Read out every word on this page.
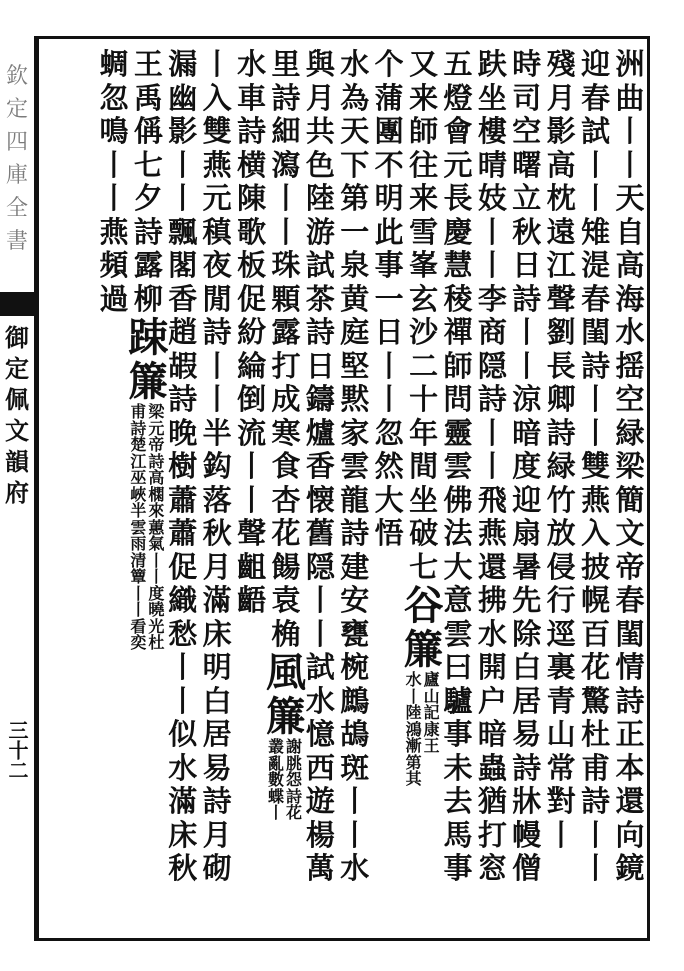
欽
定
四
庫
全
書
御
定
佩
文
韻
府
三十二
洲
曲
丨
丨
天
自
高
海
水
揺
空
緑
梁
簡
文
帝
春
閨
情
詩
正
本
還
向
鏡
迎
春
試
丨
丨
雉
湜
春
閨
詩
丨
丨
雙
燕
入
披
幌
百
花
驚
杜
甫
詩
丨
丨
殘
月
影
高
枕
遠
江
聲
劉
長
卿
詩
緑
竹
放
侵
行
逕
裏
青
山
常
對
丨
時
司
空
曙
立
秋
日
詩
丨
丨
涼
暗
度
迎
扇
暑
先
除
白
居
易
詩
牀
幔
僧
趺
坐
樓
晴
妓
丨
丨
李
商
隠
詩
丨
丨
飛
燕
還
拂
水
開
户
暗
蟲
猶
打
窓
五
燈
會
元
長
慶
慧
稜
禪
師
問
靈
雲
佛
法
大
意
雲
曰
驢
事
未
去
馬
事
又
来
師
往
来
雪
峯
玄
沙
二
十
年
間
坐
破
七
谷
簾
廬
山
記
康
王
水
丨
陸
鴻
漸
第
其
个
蒲
團
不
明
此
事
一
日
丨
丨
忽
然
大
悟
水
為
天
下
第
一
泉
黄
庭
堅
黙
家
雲
龍
詩
建
安
甕
椀
鷓
鴣
斑
丨
丨
水
與
月
共
色
陸
游
試
茶
詩
日
鑄
爐
香
懐
舊
隠
丨
丨
試
水
憶
西
遊
楊
萬
里
詩
細
瀉
丨
丨
珠
顆
露
打
成
寒
食
杏
花
餳
袁
桷
風
簾
謝
朓
怨
詩
花
叢
亂
數
蝶
丨
水
車
詩
横
陳
歌
板
促
紛
綸
倒
流
丨
丨
聲
齟
齬
丨
入
雙
燕
元
稹
夜
閒
詩
丨
丨
半
鈎
落
秋
月
滿
床
明
白
居
易
詩
月
砌
漏
幽
影
丨
丨
飄
閣
香
趙
嘏
詩
晚
樹
蕭
蕭
促
織
愁
丨
丨
似
水
滿
床
秋
王
禹
偁
七
夕
詩
露
柳
踈
簾
梁
元
帝
詩
高
㯗
來
蕙
氣
丨
丨
度
曉
光
杜
甫
詩
楚
江
巫
峽
半
雲
雨
清
簟
丨
丨
看
奕
蜩
忽
鳴
丨
丨
燕
頻
過
